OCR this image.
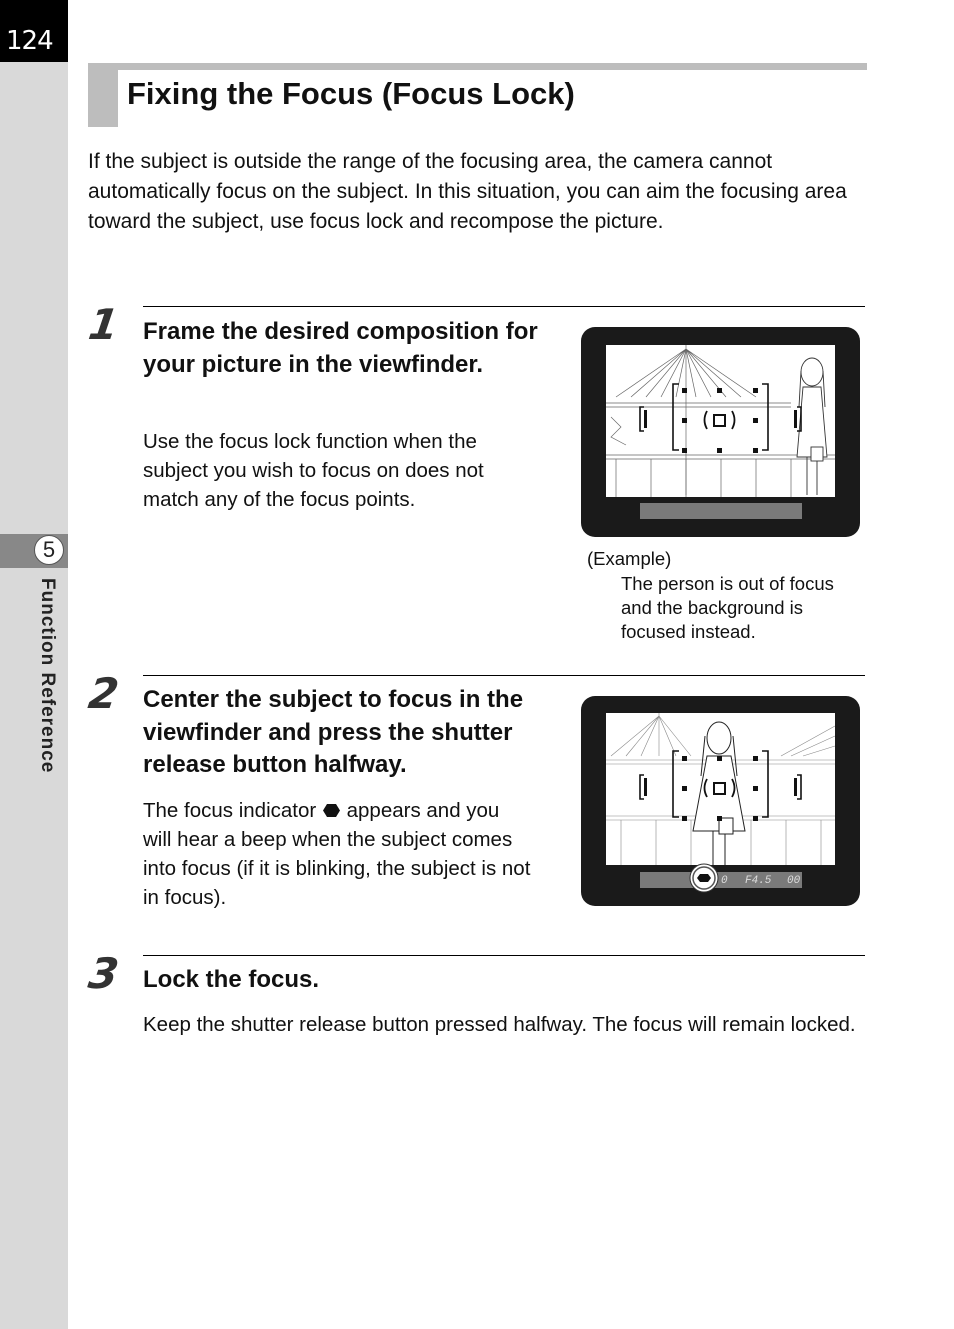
124
5
Function Reference
Fixing the Focus (Focus Lock)

If the subject is outside the range of the focusing area, the camera cannot automatically focus on the subject. In this situation, you can aim the focusing area toward the subject, use focus lock and recompose the picture.

1 Frame the desired composition for your picture in the viewfinder.

Use the focus lock function when the subject you wish to focus on does not match any of the focus points.

(Example)

The person is out of focus and the background is focused instead.

2 Center the subject to focus in the viewfinder and press the shutter release button halfway.

The focus indicator appears and you will hear a beep when the subject comes into focus (if it is blinking, the subject is not in focus).

0 F4.5 00
3 Lock the focus.

Keep the shutter release button pressed halfway. The focus will remain locked.
